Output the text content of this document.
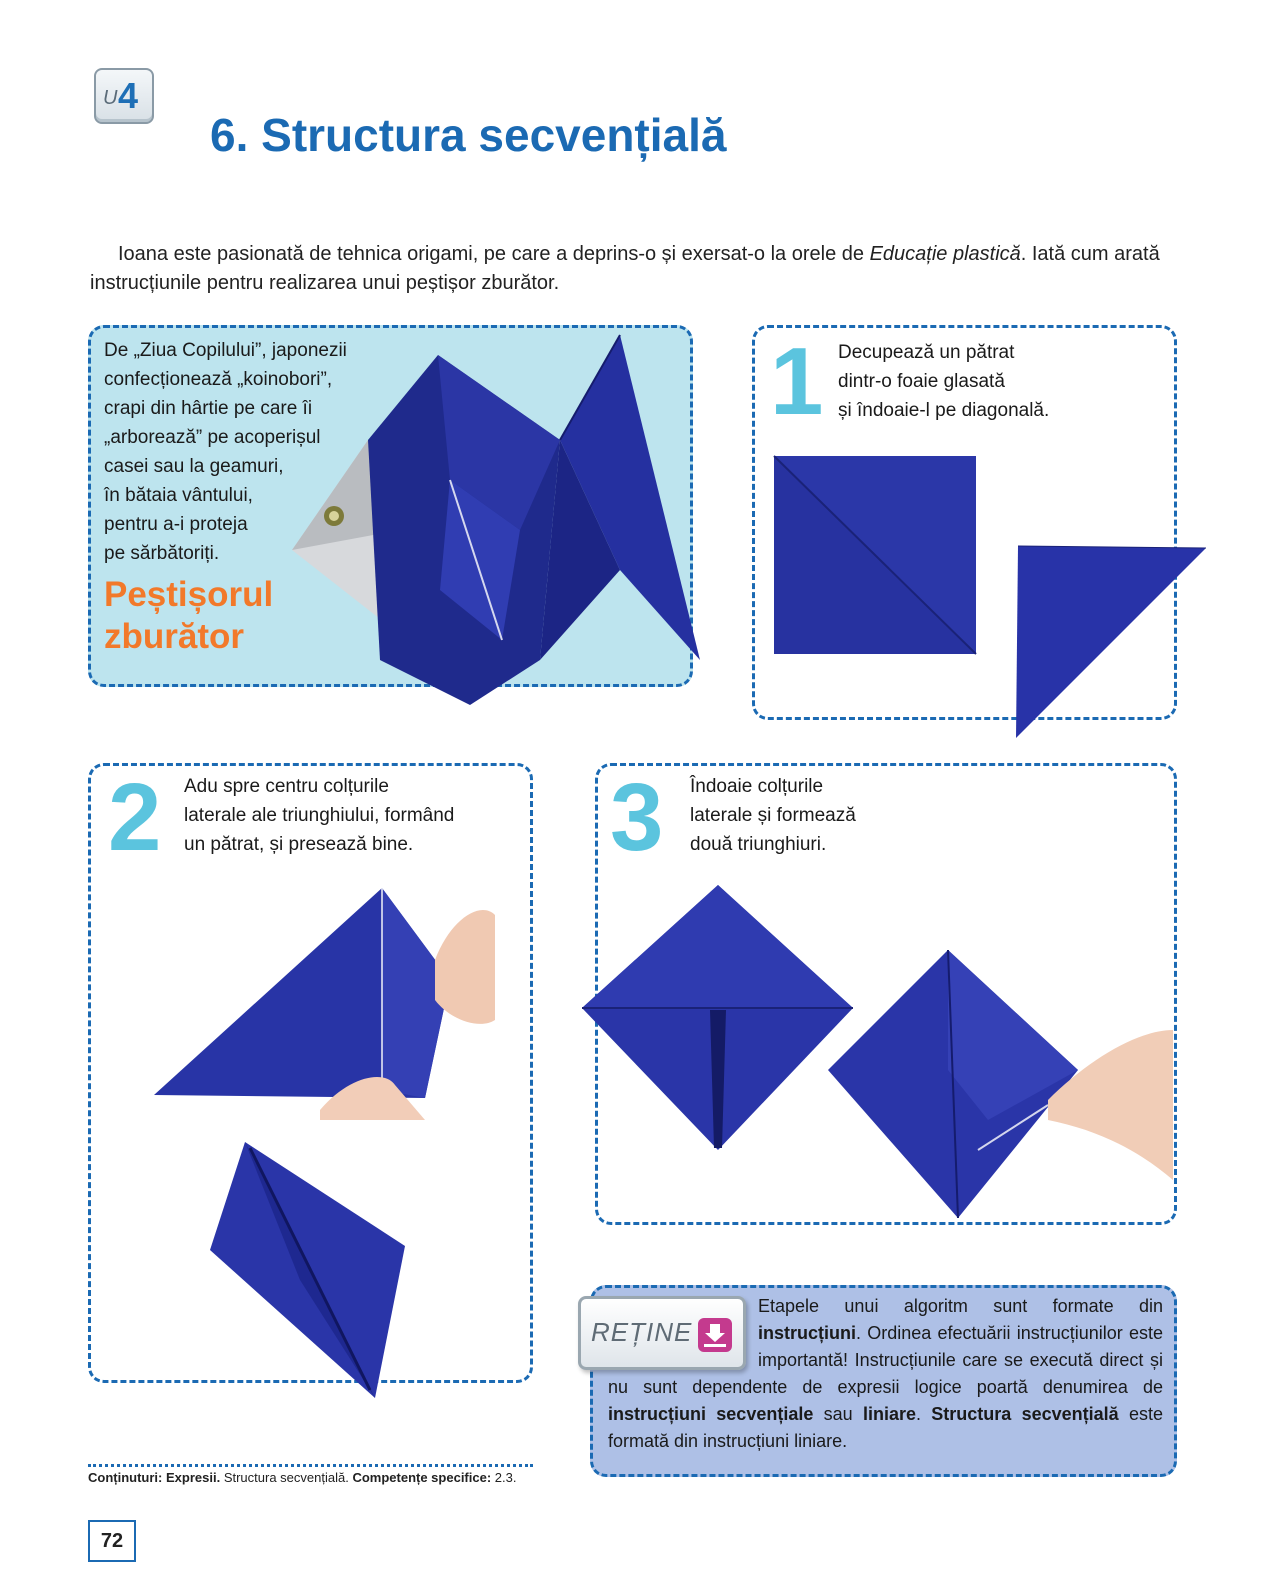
U 4
6. Structura secvențială

Ioana este pasionată de tehnica origami, pe care a deprins-o și exersat-o la orele de Educație plastică. Iată cum arată instrucțiunile pentru realizarea unui peștișor zburător.

De „Ziua Copilului”, japonezii
confecționează „koinobori”,
crapi din hârtie pe care îi
„arborează” pe acoperișul
casei sau la geamuri,
în bătaia vântului,
pentru a-i proteja
pe sărbătoriți.
Peștișorul
zburător
1 Decupează un pătrat
dintr-o foaie glasată
și îndoaie-l pe diagonală.
2 Adu spre centru colțurile
laterale ale triunghiului, formând
un pătrat, și presează bine.	3 Îndoaie colțurile
laterale și formează
două triunghiuri.
Etapele unui algoritm sunt formate din instrucțiuni. Ordinea efectuării instrucțiunilor este importantă! Instrucțiunile care se execută direct și nu sunt dependente de expresii logice poartă denumirea de instrucțiuni secvențiale sau liniare. Structura secvențială este formată din instrucțiuni liniare.
REȚINE
Conținuturi: Expresii. Structura secvențială. Competențe specifice: 2.3.
72
